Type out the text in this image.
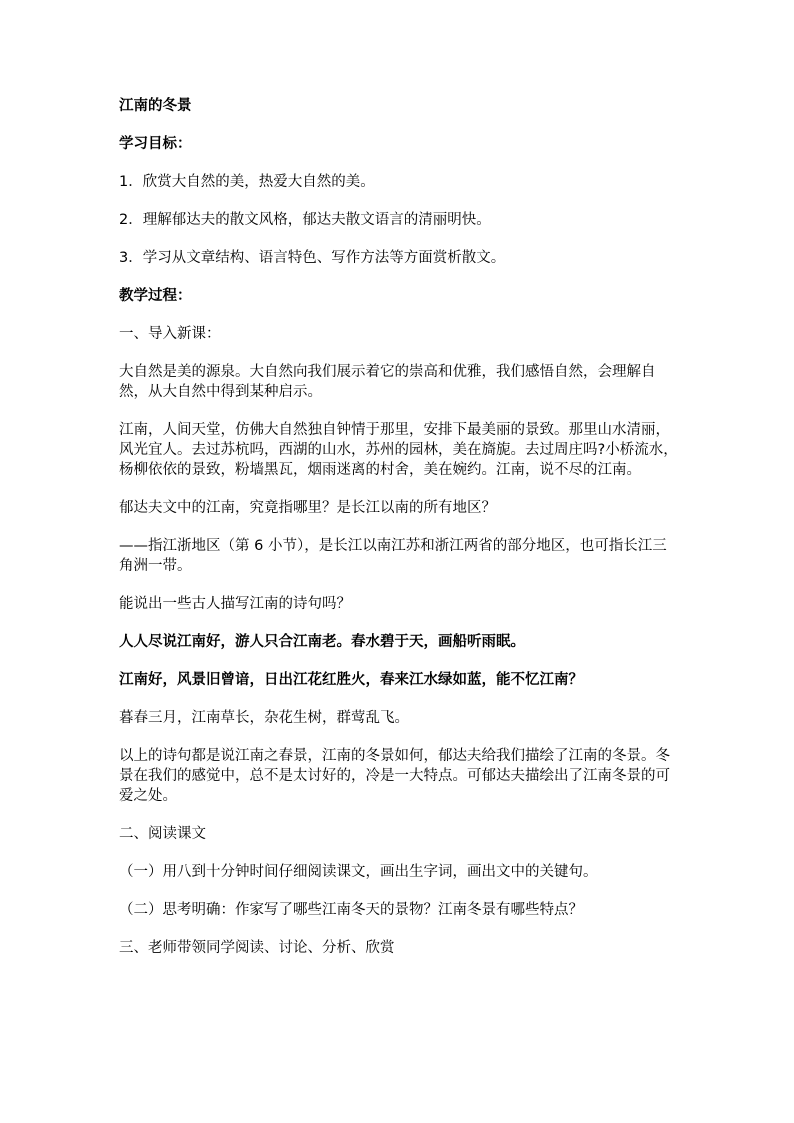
江南的冬景

学习目标：

1．欣赏大自然的美，热爱大自然的美。

2．理解郁达夫的散文风格，郁达夫散文语言的清丽明快。

3．学习从文章结构、语言特色、写作方法等方面赏析散文。

教学过程：

一、导入新课：

大自然是美的源泉。大自然向我们展示着它的崇高和优雅，我们感悟自然，会理解自然，从大自然中得到某种启示。

江南，人间天堂，仿佛大自然独自钟情于那里，安排下最美丽的景致。那里山水清丽，风光宜人。去过苏杭吗，西湖的山水，苏州的园林，美在旖旎。去过周庄吗?小桥流水，杨柳依依的景致，粉墙黑瓦，烟雨迷离的村舍，美在婉约。江南，说不尽的江南。

郁达夫文中的江南，究竟指哪里？是长江以南的所有地区？

——指江浙地区（第 6 小节），是长江以南江苏和浙江两省的部分地区，也可指长江三角洲一带。

能说出一些古人描写江南的诗句吗？

人人尽说江南好，游人只合江南老。春水碧于天，画船听雨眠。

江南好，风景旧曾谙，日出江花红胜火，春来江水绿如蓝，能不忆江南？

暮春三月，江南草长，杂花生树，群莺乱飞。

以上的诗句都是说江南之春景，江南的冬景如何，郁达夫给我们描绘了江南的冬景。冬景在我们的感觉中，总不是太讨好的，冷是一大特点。可郁达夫描绘出了江南冬景的可爱之处。

二、阅读课文

（一）用八到十分钟时间仔细阅读课文，画出生字词，画出文中的关键句。

（二）思考明确：作家写了哪些江南冬天的景物？江南冬景有哪些特点？

三、老师带领同学阅读、讨论、分析、欣赏
